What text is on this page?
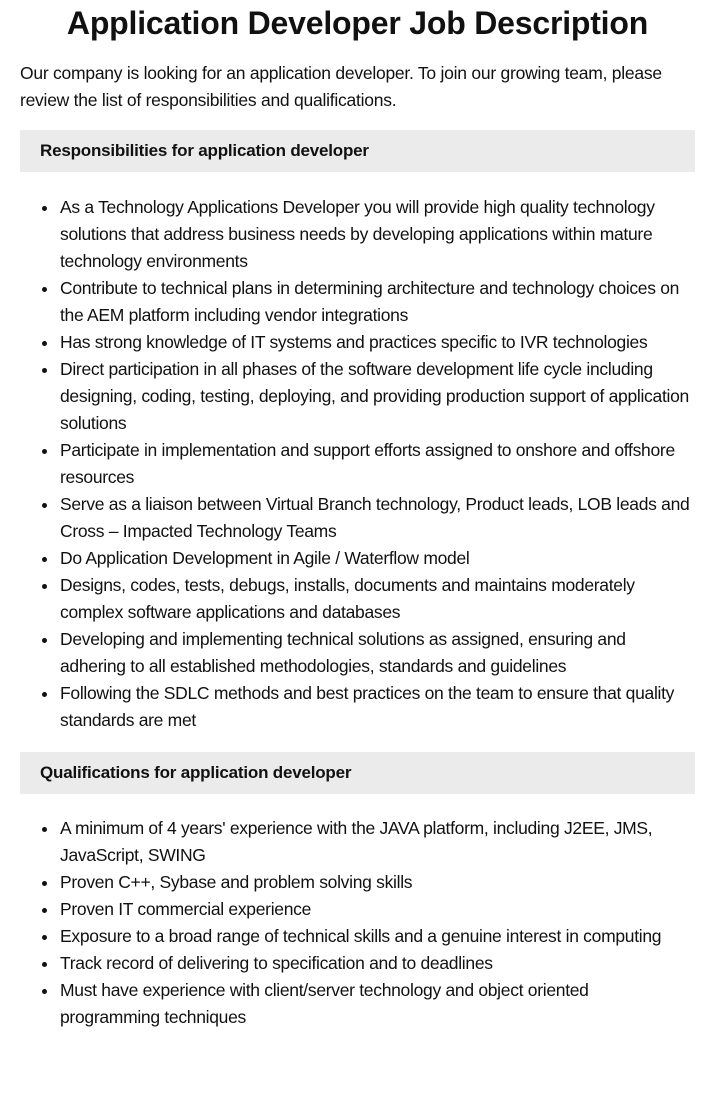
Application Developer Job Description

Our company is looking for an application developer. To join our growing team, please review the list of responsibilities and qualifications.

Responsibilities for application developer
As a Technology Applications Developer you will provide high quality technology solutions that address business needs by developing applications within mature technology environments
Contribute to technical plans in determining architecture and technology choices on the AEM platform including vendor integrations
Has strong knowledge of IT systems and practices specific to IVR technologies
Direct participation in all phases of the software development life cycle including designing, coding, testing, deploying, and providing production support of application solutions
Participate in implementation and support efforts assigned to onshore and offshore resources
Serve as a liaison between Virtual Branch technology, Product leads, LOB leads and Cross – Impacted Technology Teams
Do Application Development in Agile / Waterflow model
Designs, codes, tests, debugs, installs, documents and maintains moderately complex software applications and databases
Developing and implementing technical solutions as assigned, ensuring and adhering to all established methodologies, standards and guidelines
Following the SDLC methods and best practices on the team to ensure that quality standards are met
Qualifications for application developer
A minimum of 4 years' experience with the JAVA platform, including J2EE, JMS, JavaScript, SWING
Proven C++, Sybase and problem solving skills
Proven IT commercial experience
Exposure to a broad range of technical skills and a genuine interest in computing
Track record of delivering to specification and to deadlines
Must have experience with client/server technology and object oriented programming techniques
